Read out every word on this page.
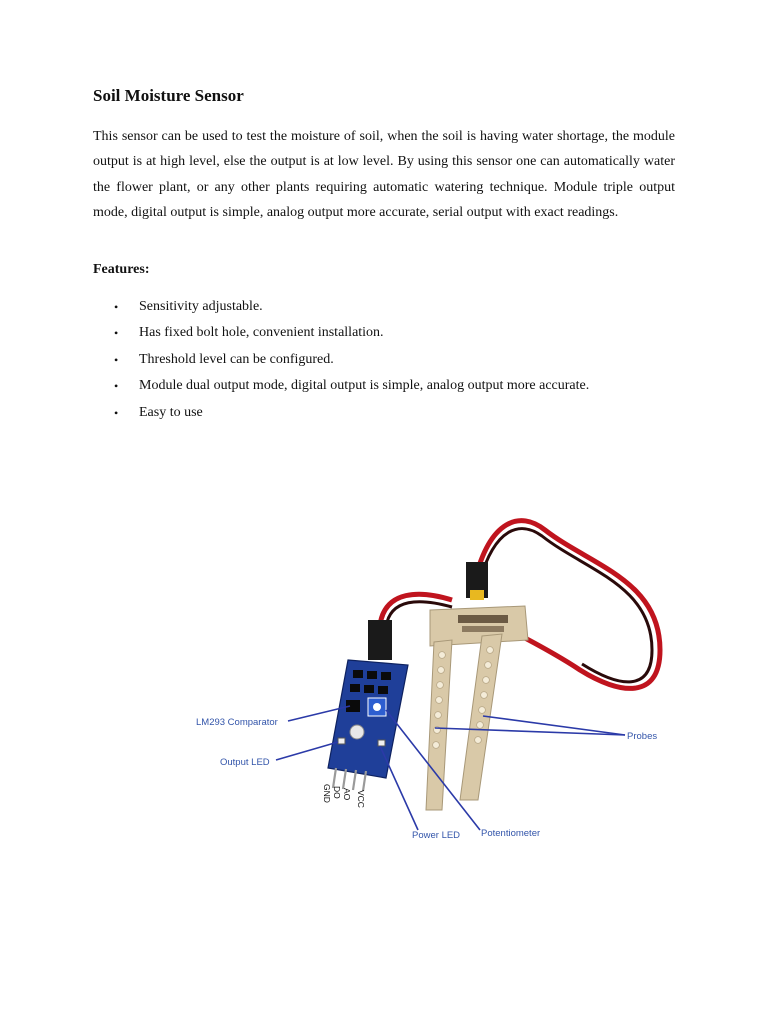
Soil Moisture Sensor

This sensor can be used to test the moisture of soil, when the soil is having water shortage, the module output is at high level, else the output is at low level. By using this sensor one can automatically water the flower plant, or any other plants requiring automatic watering technique. Module triple output mode, digital output is simple, analog output more accurate, serial output with exact readings.

Features:

• Sensitivity adjustable.
• Has fixed bolt hole, convenient installation.
• Threshold level can be configured.
• Module dual output mode, digital output is simple, analog output more accurate.
• Easy to use
GND DO AO VCC
LM293 Comparator
Output LED
Power LED Potentiometer
Probes
